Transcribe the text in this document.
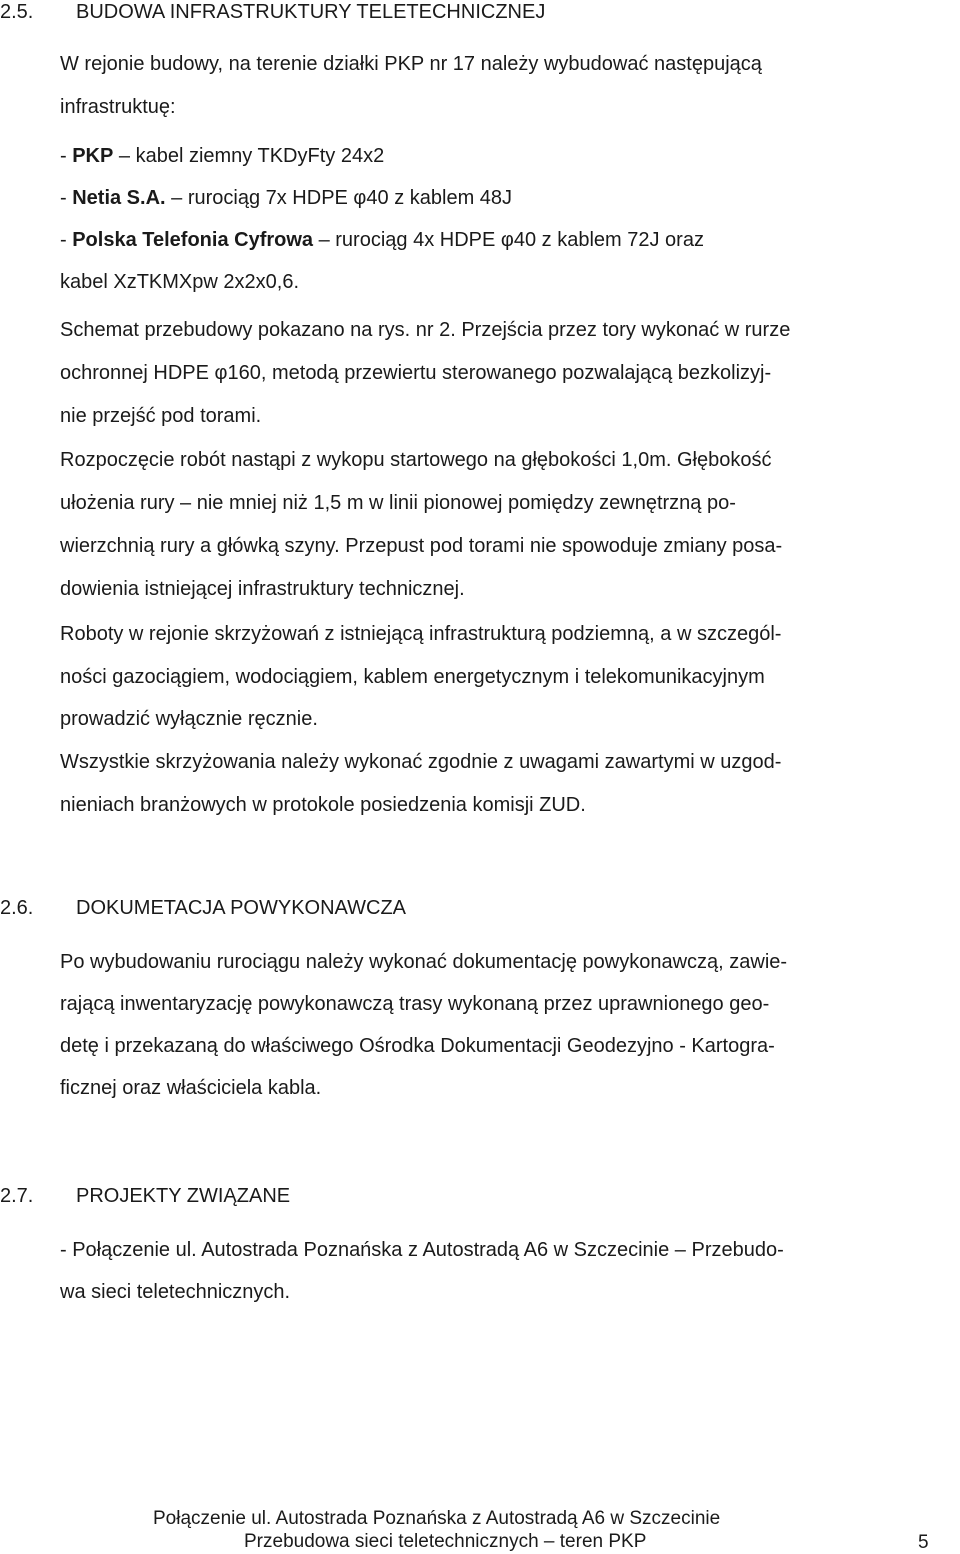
2.5. BUDOWA INFRASTRUKTURY TELETECHNICZNEJ
W rejonie budowy, na terenie działki PKP nr 17 należy wybudować następującą
infrastruktuę:
- PKP – kabel ziemny TKDyFty 24x2
- Netia S.A. – rurociąg 7x HDPE φ40 z kablem 48J
- Polska Telefonia Cyfrowa – rurociąg 4x HDPE φ40 z kablem 72J oraz
kabel XzTKMXpw 2x2x0,6.
Schemat przebudowy pokazano na rys. nr 2. Przejścia przez tory wykonać w rurze
ochronnej HDPE φ160, metodą przewiertu sterowanego pozwalającą bezkolizyj-
nie przejść pod torami.
Rozpoczęcie robót nastąpi z wykopu startowego na głębokości 1,0m. Głębokość
ułożenia rury – nie mniej niż 1,5 m w linii pionowej pomiędzy zewnętrzną po-
wierzchnią rury a główką szyny. Przepust pod torami nie spowoduje zmiany posa-
dowienia istniejącej infrastruktury technicznej.
Roboty w rejonie skrzyżowań z istniejącą infrastrukturą podziemną, a w szczegól-
ności gazociągiem, wodociągiem, kablem energetycznym i telekomunikacyjnym
prowadzić wyłącznie ręcznie.
Wszystkie skrzyżowania należy wykonać zgodnie z uwagami zawartymi w uzgod-
nieniach branżowych w protokole posiedzenia komisji ZUD.
2.6. DOKUMETACJA POWYKONAWCZA
Po wybudowaniu rurociągu należy wykonać dokumentację powykonawczą, zawie-
rającą inwentaryzację powykonawczą trasy wykonaną przez uprawnionego geo-
detę i przekazaną do właściwego Ośrodka Dokumentacji Geodezyjno - Kartogra-
ficznej oraz właściciela kabla.
2.7. PROJEKTY ZWIĄZANE
- Połączenie ul. Autostrada Poznańska z Autostradą A6 w Szczecinie – Przebudo-
wa sieci teletechnicznych.
Połączenie ul. Autostrada Poznańska z Autostradą A6 w Szczecinie
Przebudowa sieci teletechnicznych – teren PKP	5
